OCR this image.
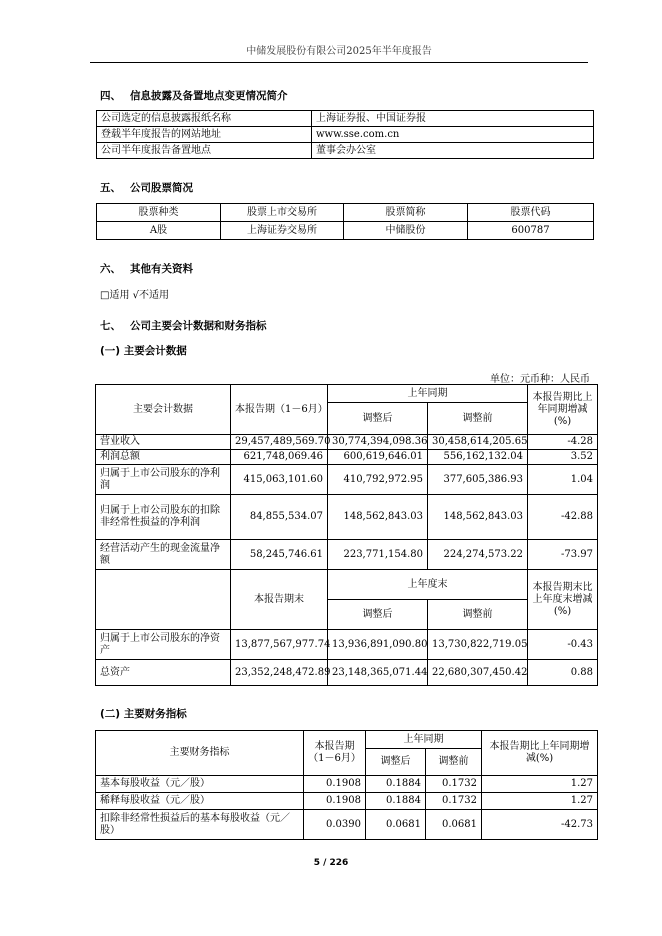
中储发展股份有限公司2025年半年度报告
四、 信息披露及备置地点变更情况简介
公司选定的信息披露报纸名称	上海证券报、中国证券报
登载半年度报告的网站地址	www.sse.com.cn
公司半年度报告备置地点	董事会办公室
五、 公司股票简况
股票种类	股票上市交易所	股票简称	股票代码
A股	上海证券交易所	中储股份	600787
六、 其他有关资料
□适用 √不适用
七、 公司主要会计数据和财务指标
(一) 主要会计数据
单位：元币种：人民币
主要会计数据	本报告期（1－6月）	上年同期		本报告期比上年同期增减(%)
		调整后	调整前	
营业收入	29,457,489,569.70	30,774,394,098.36	30,458,614,205.65	-4.28
利润总额	621,748,069.46	600,619,646.01	556,162,132.04	3.52
归属于上市公司股东的净利润	415,063,101.60	410,792,972.95	377,605,386.93	1.04
归属于上市公司股东的扣除非经常性损益的净利润	84,855,534.07	148,562,843.03	148,562,843.03	-42.88
经营活动产生的现金流量净额	58,245,746.61	223,771,154.80	224,274,573.22	-73.97
	本报告期末	上年度末		本报告期末比上年度末增减(%)
		调整后	调整前	
归属于上市公司股东的净资产	13,877,567,977.74	13,936,891,090.80	13,730,822,719.05	-0.43
总资产	23,352,248,472.89	23,148,365,071.44	22,680,307,450.42	0.88
(二) 主要财务指标
主要财务指标	本报告期（1－6月）	上年同期		本报告期比上年同期增减(%)
		调整后	调整前	
基本每股收益（元／股）	0.1908	0.1884	0.1732	1.27
稀释每股收益（元／股）	0.1908	0.1884	0.1732	1.27
扣除非经常性损益后的基本每股收益（元／股）	0.0390	0.0681	0.0681	-42.73
5 / 226
